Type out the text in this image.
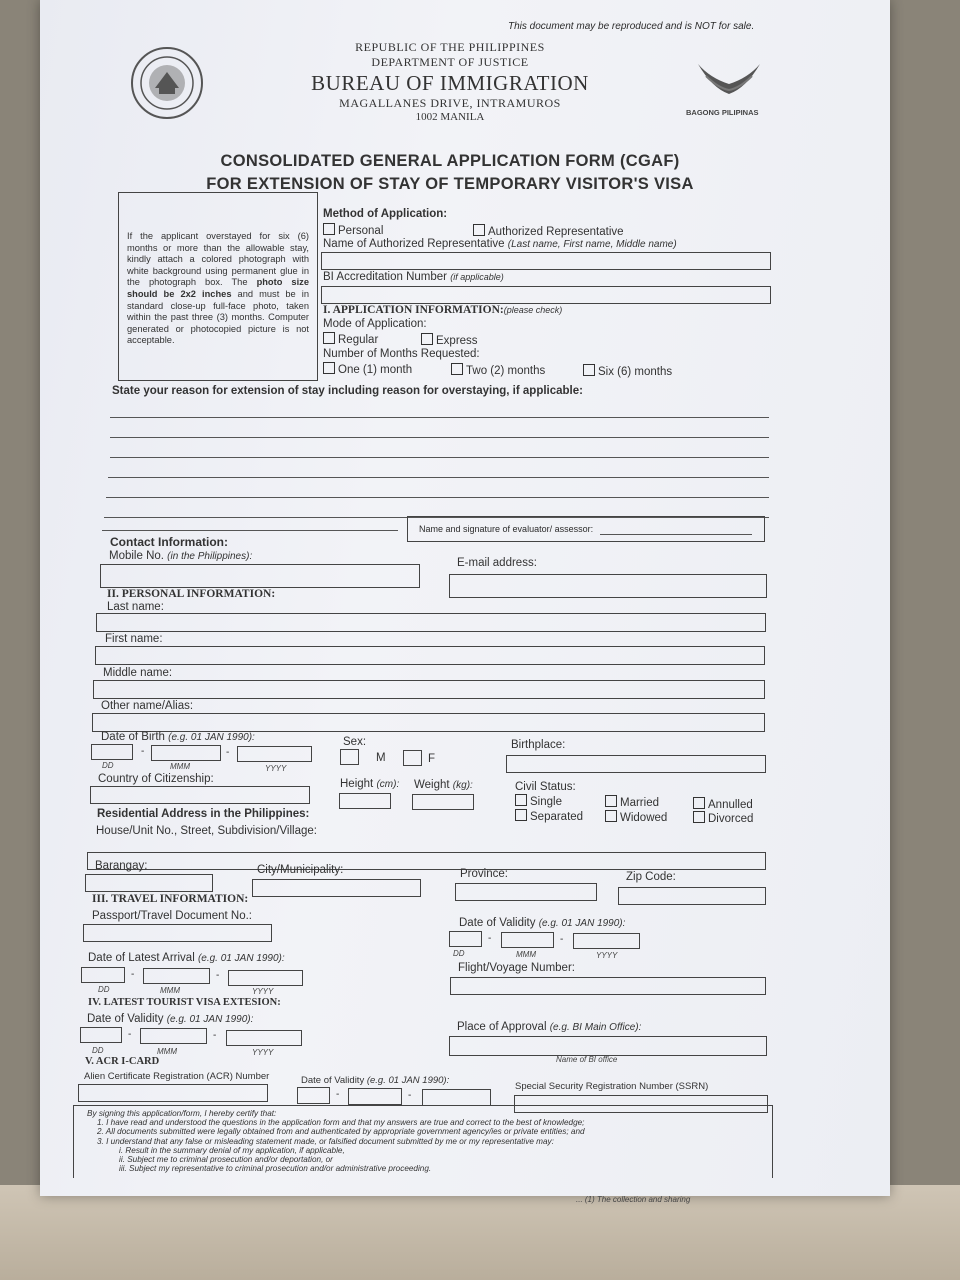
This document may be reproduced and is NOT for sale.
REPUBLIC OF THE PHILIPPINES
DEPARTMENT OF JUSTICE
BUREAU OF IMMIGRATION
MAGALLANES DRIVE, INTRAMUROS
1002 MANILA	BAGONG PILIPINAS
CONSOLIDATED GENERAL APPLICATION FORM (CGAF)
FOR EXTENSION OF STAY OF TEMPORARY VISITOR'S VISA
If the applicant overstayed for six (6) months or more than the allowable stay, kindly attach a colored photograph with white background using permanent glue in the photograph box. The photo size should be 2x2 inches and must be in standard close-up full-face photo, taken within the past three (3) months. Computer generated or photocopied picture is not acceptable.
Method of Application:
Personal	Authorized Representative
Name of Authorized Representative (Last name, First name, Middle name)
BI Accreditation Number (if applicable)
I. APPLICATION INFORMATION:(please check)
Mode of Application:
Regular	Express
Number of Months Requested:
One (1) month	Two (2) months	Six (6) months
State your reason for extension of stay including reason for overstaying, if applicable:
Name and signature of evaluator/ assessor:
Contact Information:
Mobile No. (in the Philippines):
E-mail address:
II. PERSONAL INFORMATION:
Last name:
First name:
Middle name:
Other name/Alias:
Date of Birth (e.g. 01 JAN 1990):
-	-
DD	MMM	YYYY
Sex:
M	F
Birthplace:
Country of Citizenship:	Height (cm): Weight (kg):	Civil Status:
Single	Married	Annulled
Separated	Widowed	Divorced
Residential Address in the Philippines:
House/Unit No., Street, Subdivision/Village:
Barangay:	City/Municipality:	Province:	Zip Code:
III. TRAVEL INFORMATION:
Passport/Travel Document No.:
Date of Validity (e.g. 01 JAN 1990):
-	-
DD	MMM	YYYY
Date of Latest Arrival (e.g. 01 JAN 1990):
-	-
DD	MMM	YYYY
Flight/Voyage Number:
IV. LATEST TOURIST VISA EXTESION:
Date of Validity (e.g. 01 JAN 1990):
-	-
DD	MMM	YYYY
Place of Approval (e.g. BI Main Office):
Name of BI office
V. ACR I-CARD
Alien Certificate Registration (ACR) Number	Date of Validity (e.g. 01 JAN 1990):
-	-
Special Security Registration Number (SSRN)
By signing this application/form, I hereby certify that:
1. I have read and understood the questions in the application form and that my answers are true and correct to the best of knowledge;
2. All documents submitted were legally obtained from and authenticated by appropriate government agency/ies or private entities; and
3. I understand that any false or misleading statement made, or falsified document submitted by me or my representative may:
i. Result in the summary denial of my application, if applicable,
ii. Subject me to criminal prosecution and/or deportation, or
iii. Subject my representative to criminal prosecution and/or administrative proceeding.
... (1) The collection and sharing
